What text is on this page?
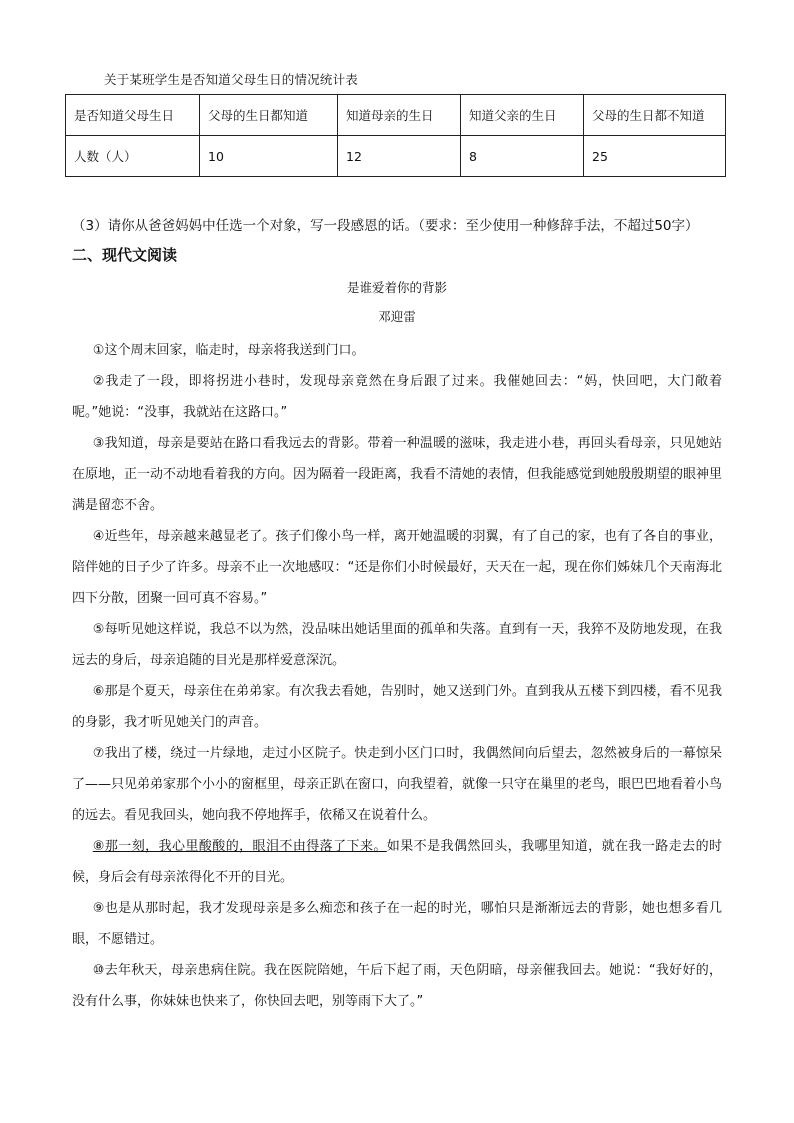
关于某班学生是否知道父母生日的情况统计表
是否知道父母生日	父母的生日都知道	知道母亲的生日	知道父亲的生日	父母的生日都不知道
人数（人）	10	12	8	25
（3）请你从爸爸妈妈中任选一个对象，写一段感恩的话。（要求：至少使用一种修辞手法，不超过50字）
二、现代文阅读
是谁爱着你的背影
邓迎雷
①这个周末回家，临走时，母亲将我送到门口。
②我走了一段，即将拐进小巷时，发现母亲竟然在身后跟了过来。我催她回去：“妈，快回吧，大门敞着呢。”她说：“没事，我就站在这路口。”
③我知道，母亲是要站在路口看我远去的背影。带着一种温暖的滋味，我走进小巷，再回头看母亲，只见她站在原地，正一动不动地看着我的方向。因为隔着一段距离，我看不清她的表情，但我能感觉到她殷殷期望的眼神里满是留恋不舍。
④近些年，母亲越来越显老了。孩子们像小鸟一样，离开她温暖的羽翼，有了自己的家，也有了各自的事业，陪伴她的日子少了许多。母亲不止一次地感叹：“还是你们小时候最好，天天在一起，现在你们姊妹几个天南海北四下分散，团聚一回可真不容易。”
⑤每听见她这样说，我总不以为然，没品味出她话里面的孤单和失落。直到有一天，我猝不及防地发现，在我远去的身后，母亲追随的目光是那样爱意深沉。
⑥那是个夏天，母亲住在弟弟家。有次我去看她，告别时，她又送到门外。直到我从五楼下到四楼，看不见我的身影，我才听见她关门的声音。
⑦我出了楼，绕过一片绿地，走过小区院子。快走到小区门口时，我偶然间向后望去，忽然被身后的一幕惊呆了——只见弟弟家那个小小的窗框里，母亲正趴在窗口，向我望着，就像一只守在巢里的老鸟，眼巴巴地看着小鸟的远去。看见我回头，她向我不停地挥手，依稀又在说着什么。
⑧那一刻，我心里酸酸的，眼泪不由得落了下来。如果不是我偶然回头，我哪里知道，就在我一路走去的时候，身后会有母亲浓得化不开的目光。
⑨也是从那时起，我才发现母亲是多么痴恋和孩子在一起的时光，哪怕只是渐渐远去的背影，她也想多看几眼，不愿错过。
⑩去年秋天，母亲患病住院。我在医院陪她，午后下起了雨，天色阴暗，母亲催我回去。她说：“我好好的，没有什么事，你妹妹也快来了，你快回去吧，别等雨下大了。”
